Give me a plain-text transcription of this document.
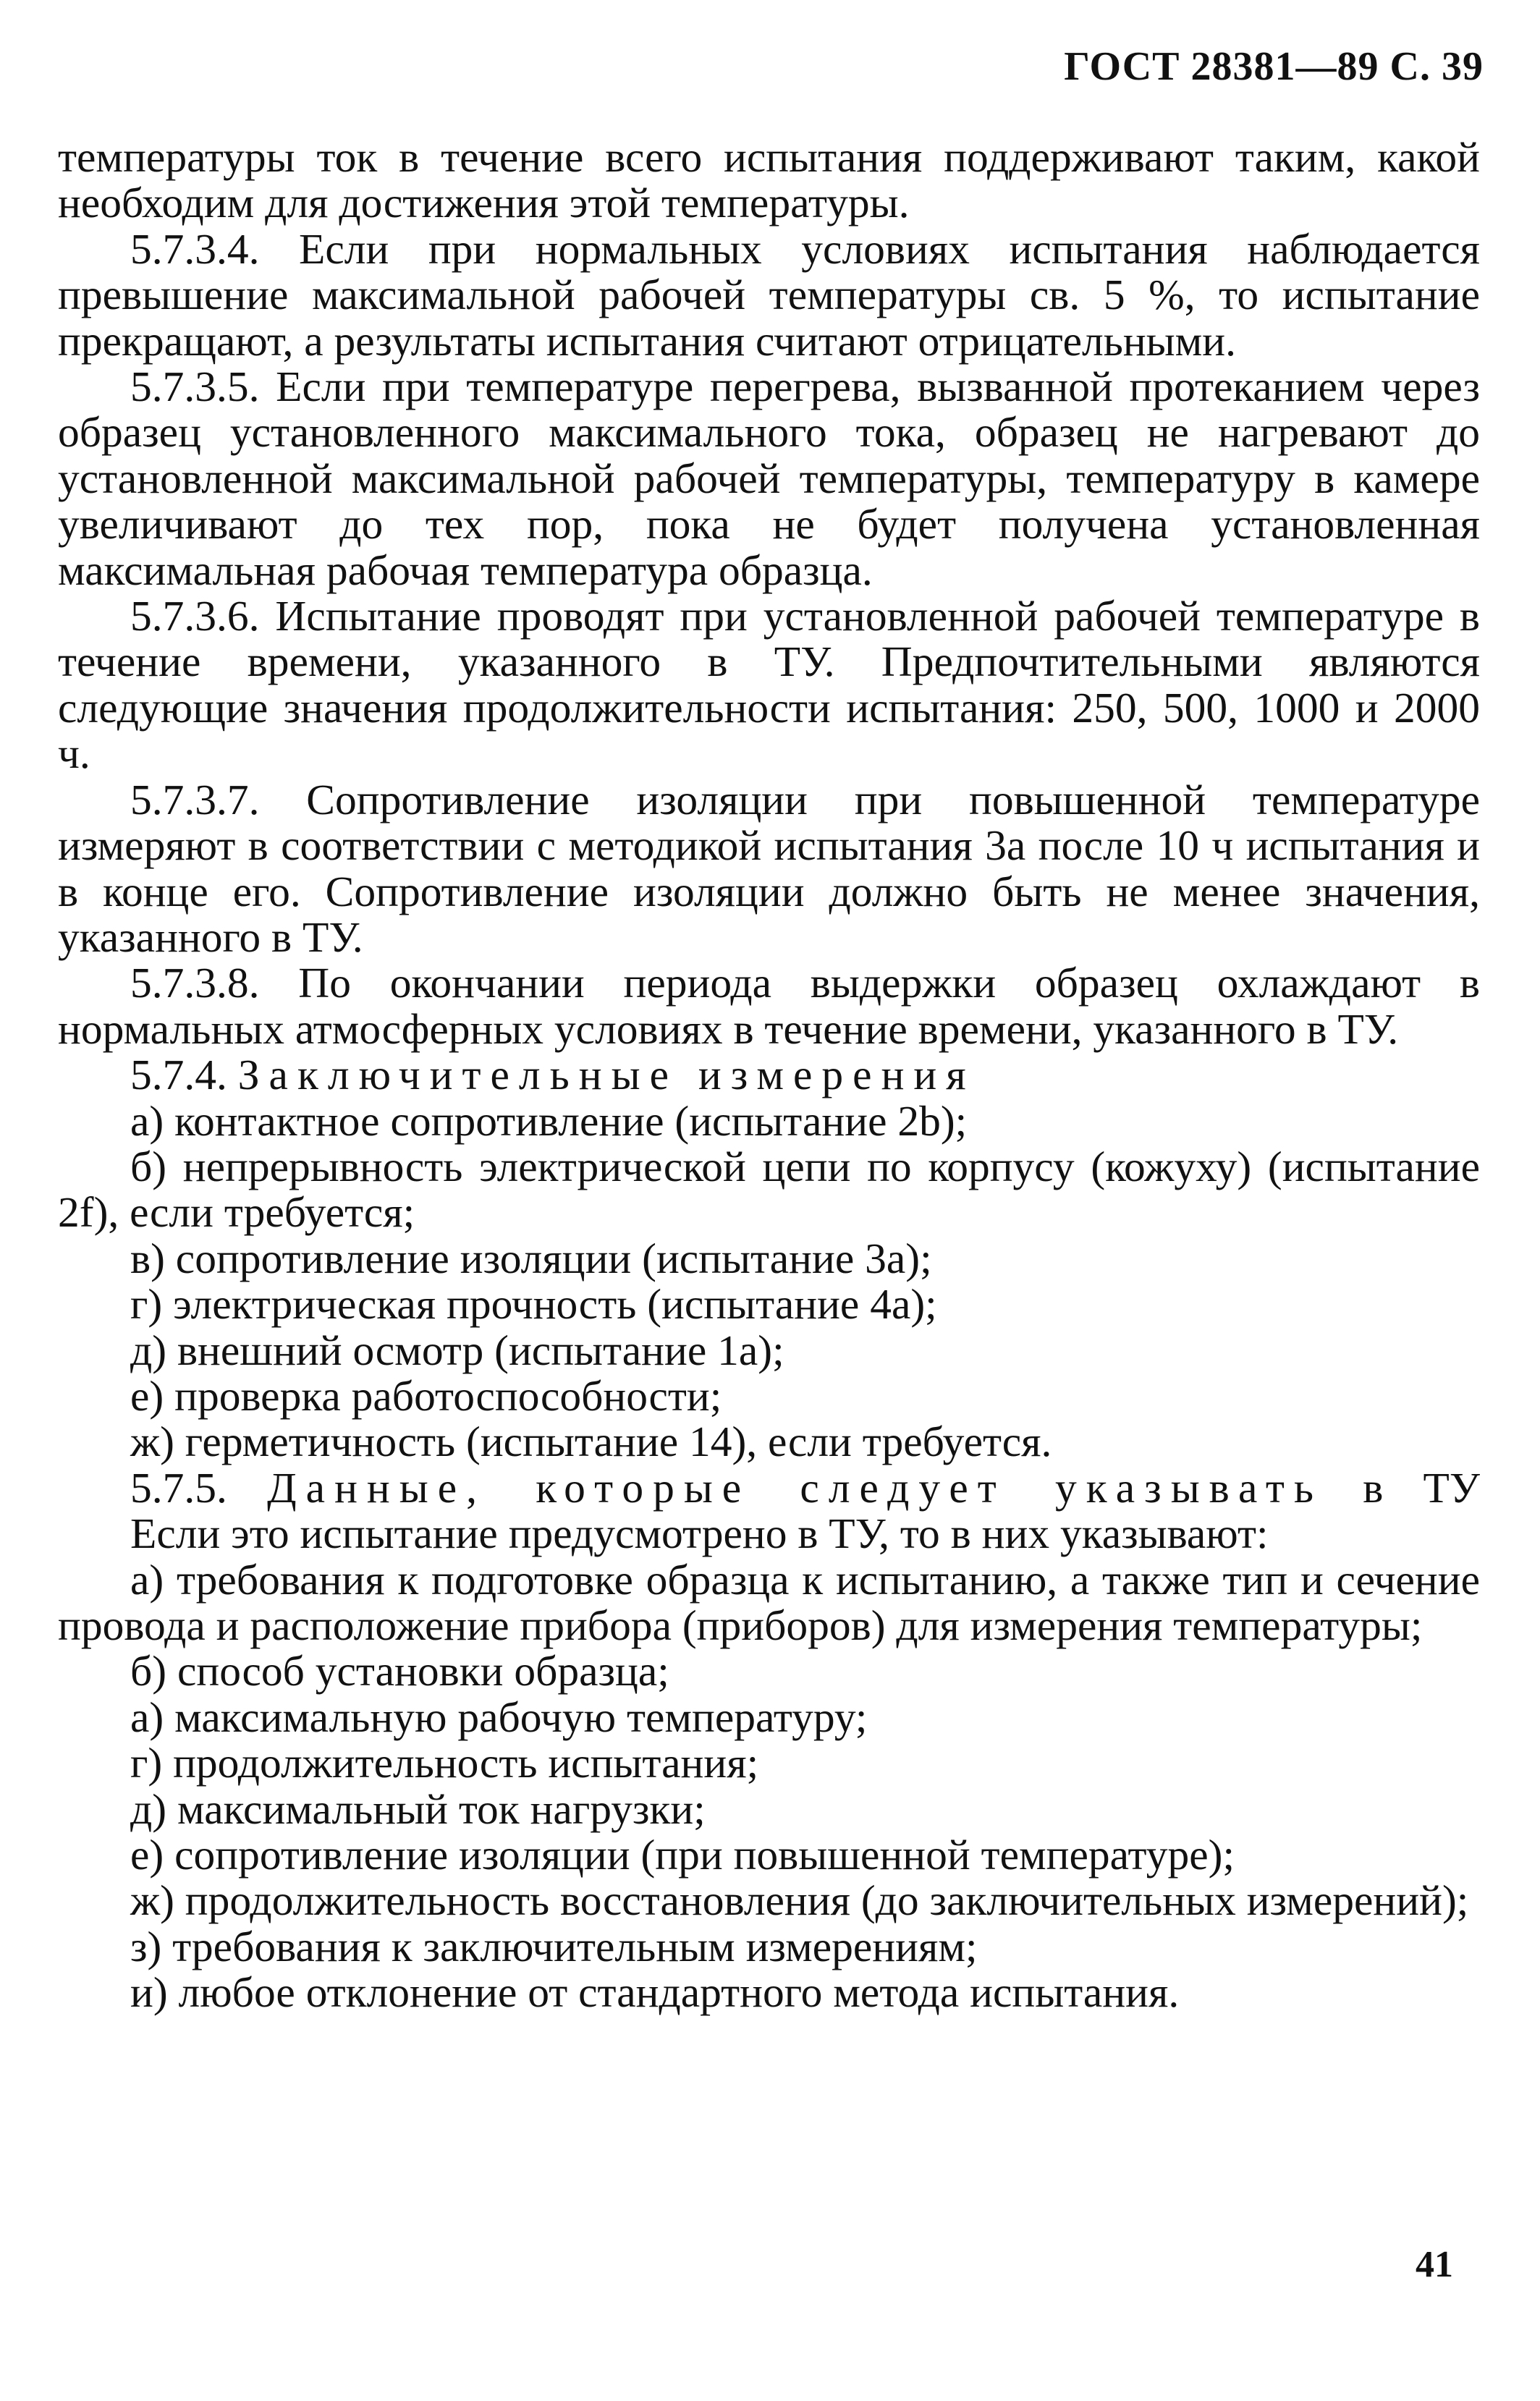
ГОСТ 28381—89 С. 39

температуры ток в течение всего испытания поддерживают таким, какой необходим для достижения этой температуры.

5.7.3.4. Если при нормальных условиях испытания наблюдается превышение максимальной рабочей температуры св. 5 %, то испытание прекращают, а результаты испытания считают отрицательными.

5.7.3.5. Если при температуре перегрева, вызванной протеканием через образец установленного максимального тока, образец не нагревают до установленной максимальной рабочей температуры, температуру в камере увеличивают до тех пор, пока не будет получена установленная максимальная рабочая температура образца.

5.7.3.6. Испытание проводят при установленной рабочей температуре в течение времени, указанного в ТУ. Предпочтительными являются следующие значения продолжительности испытания: 250, 500, 1000 и 2000 ч.

5.7.3.7. Сопротивление изоляции при повышенной температуре измеряют в соответствии с методикой испытания 3а после 10 ч испытания и в конце его. Сопротивление изоляции должно быть не менее значения, указанного в ТУ.

5.7.3.8. По окончании периода выдержки образец охлаждают в нормальных атмосферных условиях в течение времени, указанного в ТУ.

5.7.4. Заключительные измерения

а) контактное сопротивление (испытание 2b);

б) непрерывность электрической цепи по корпусу (кожуху) (испытание 2f), если требуется;

в) сопротивление изоляции (испытание 3а);

г) электрическая прочность (испытание 4а);

д) внешний осмотр (испытание 1а);

е) проверка работоспособности;

ж) герметичность (испытание 14), если требуется.

5.7.5. Данные, которые следует указывать в ТУ

Если это испытание предусмотрено в ТУ, то в них указывают:

а) требования к подготовке образца к испытанию, а также тип и сечение провода и расположение прибора (приборов) для измерения температуры;

б) способ установки образца;

а) максимальную рабочую температуру;

г) продолжительность испытания;

д) максимальный ток нагрузки;

е) сопротивление изоляции (при повышенной температуре);

ж) продолжительность восстановления (до заключительных измерений);

з) требования к заключительным измерениям;

и) любое отклонение от стандартного метода испытания.

41
